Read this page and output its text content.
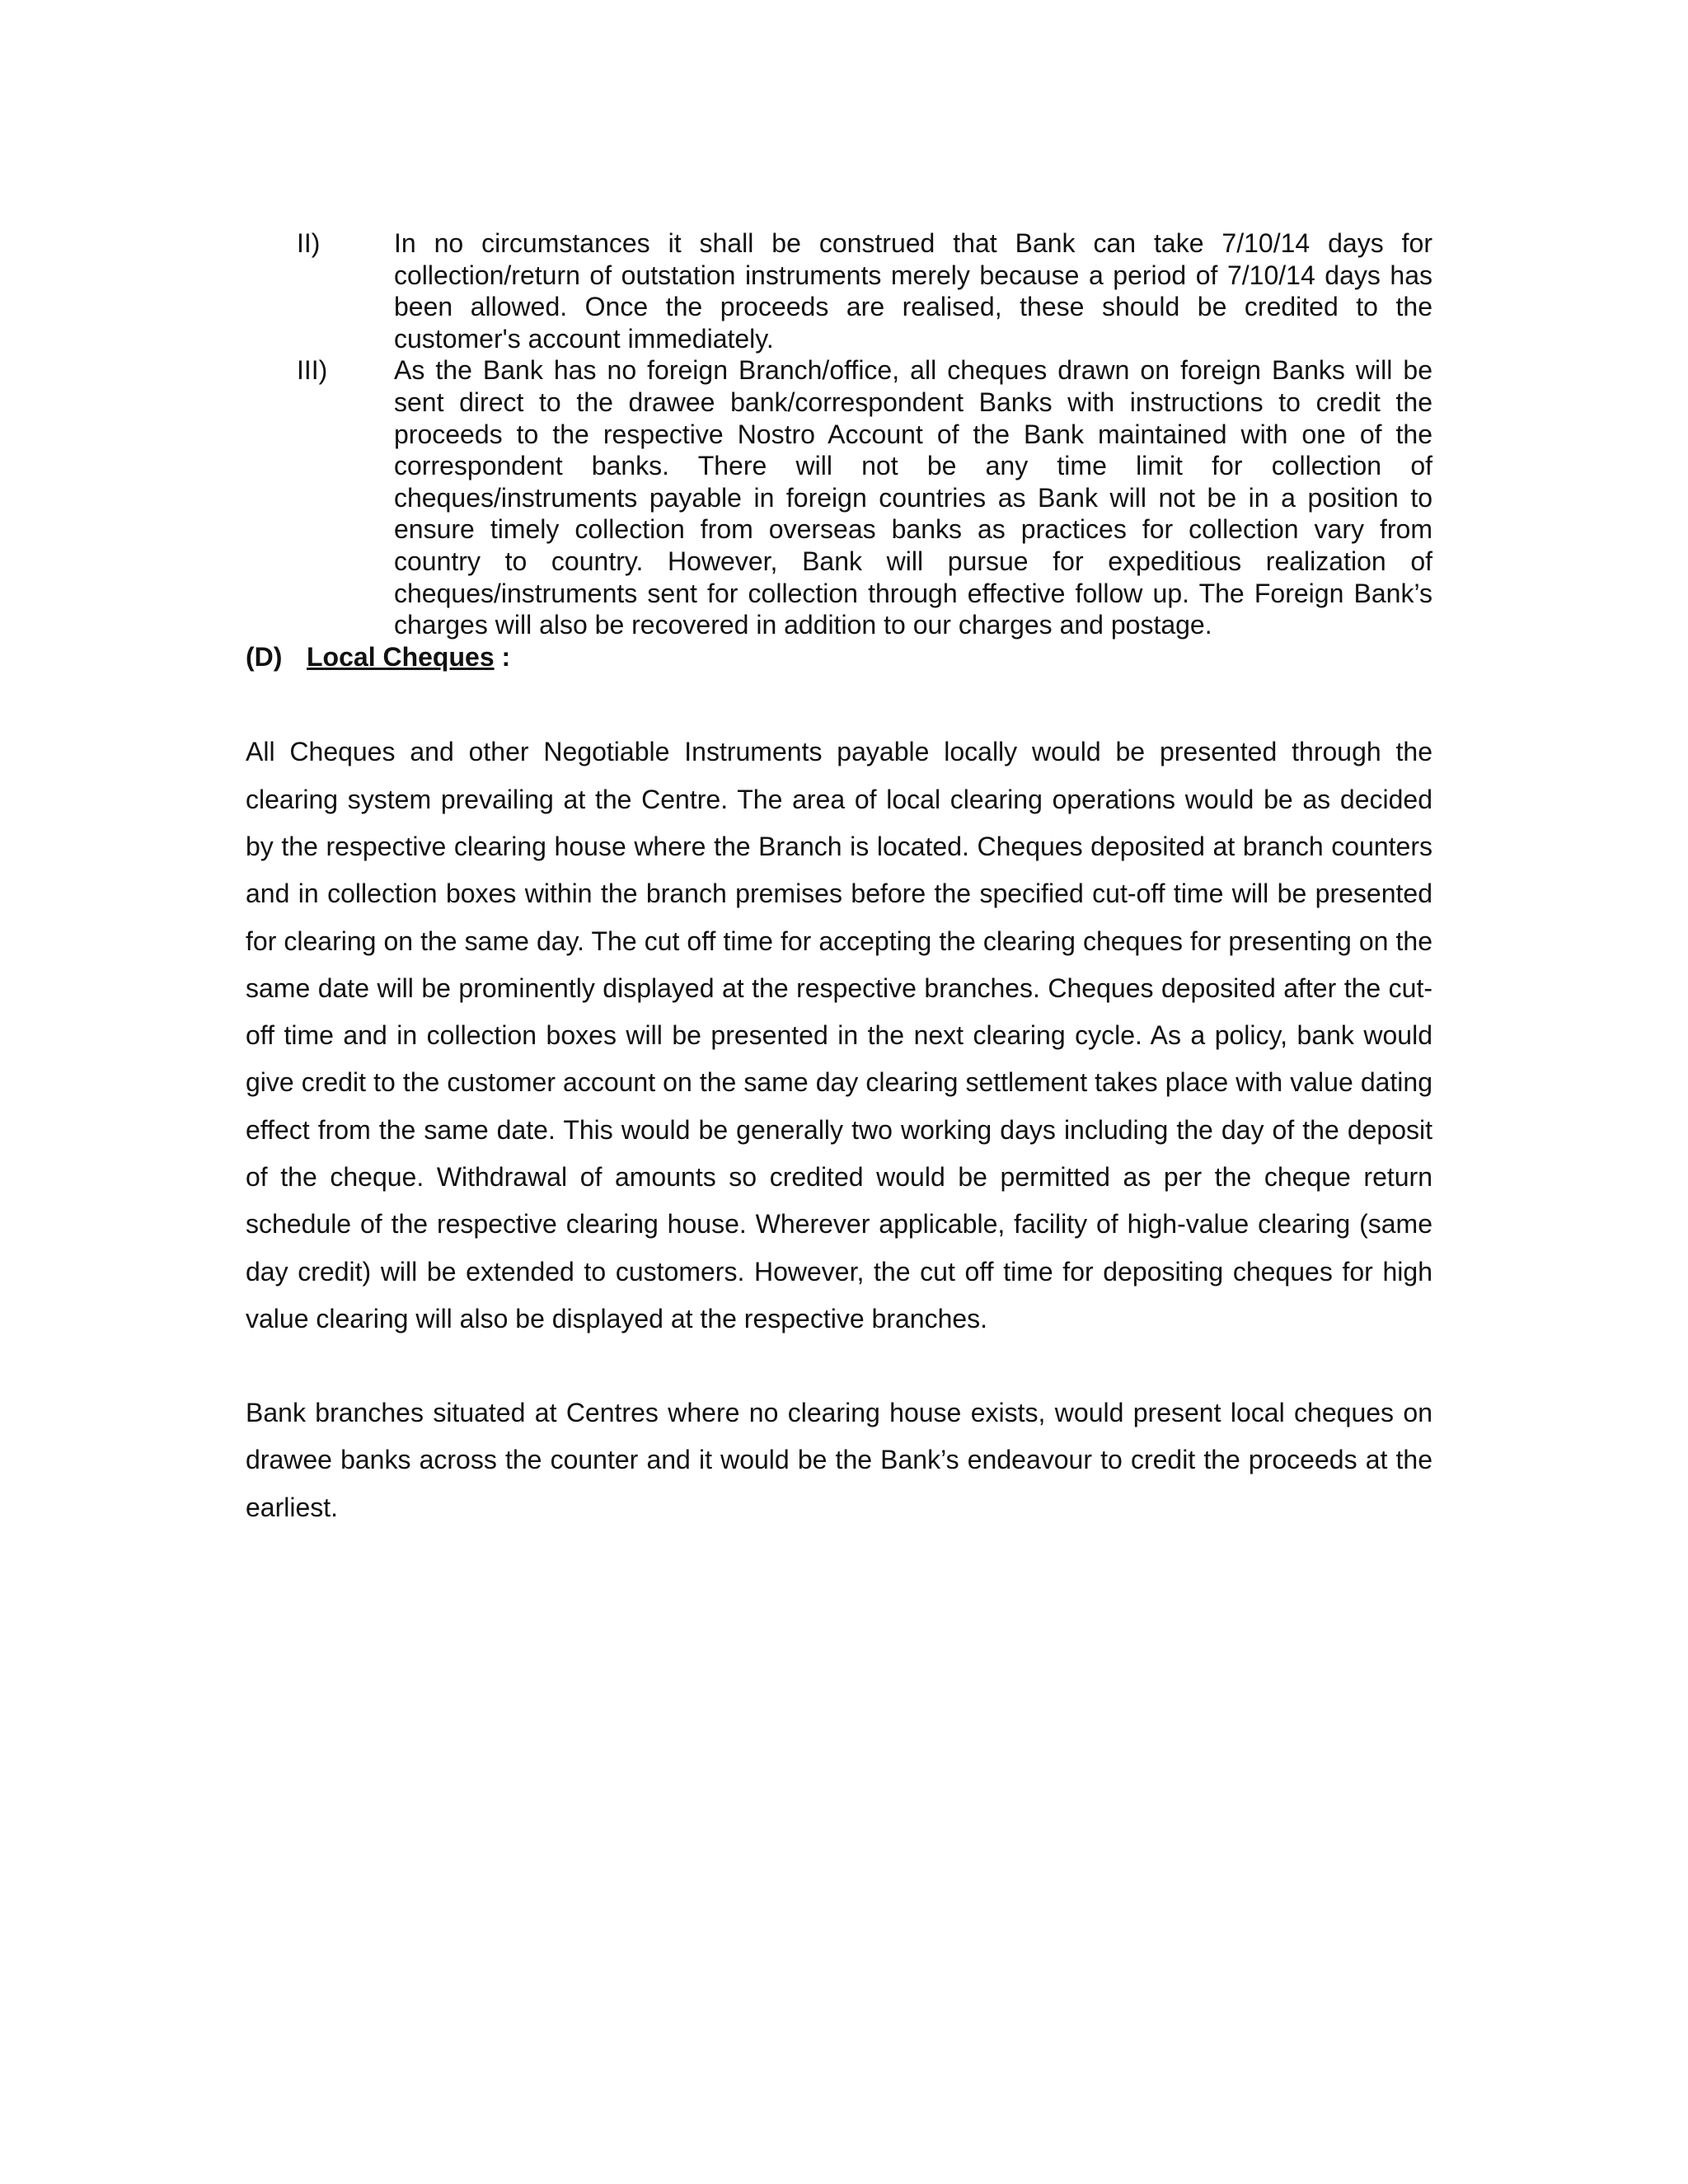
II)	In no circumstances it shall be construed that Bank can take 7/10/14 days for collection/return of outstation instruments merely because a period of 7/10/14 days has been allowed. Once the proceeds are realised, these should be credited to the customer's account immediately.
III)	As the Bank has no foreign Branch/office, all cheques drawn on foreign Banks will be sent direct to the drawee bank/correspondent Banks with instructions to credit the proceeds to the respective Nostro Account of the Bank maintained with one of the correspondent banks. There will not be any time limit for collection of cheques/instruments payable in foreign countries as Bank will not be in a position to ensure timely collection from overseas banks as practices for collection vary from country to country. However, Bank will pursue for expeditious realization of cheques/instruments sent for collection through effective follow up. The Foreign Bank’s charges will also be recovered in addition to our charges and postage.
(D) Local Cheques :

All Cheques and other Negotiable Instruments payable locally would be presented through the clearing system prevailing at the Centre. The area of local clearing operations would be as decided by the respective clearing house where the Branch is located. Cheques deposited at branch counters and in collection boxes within the branch premises before the specified cut-off time will be presented for clearing on the same day. The cut off time for accepting the clearing cheques for presenting on the same date will be prominently displayed at the respective branches. Cheques deposited after the cut-off time and in collection boxes will be presented in the next clearing cycle. As a policy, bank would give credit to the customer account on the same day clearing settlement takes place with value dating effect from the same date. This would be generally two working days including the day of the deposit of the cheque. Withdrawal of amounts so credited would be permitted as per the cheque return schedule of the respective clearing house. Wherever applicable, facility of high-value clearing (same day credit) will be extended to customers. However, the cut off time for depositing cheques for high value clearing will also be displayed at the respective branches.

Bank branches situated at Centres where no clearing house exists, would present local cheques on drawee banks across the counter and it would be the Bank’s endeavour to credit the proceeds at the earliest.
